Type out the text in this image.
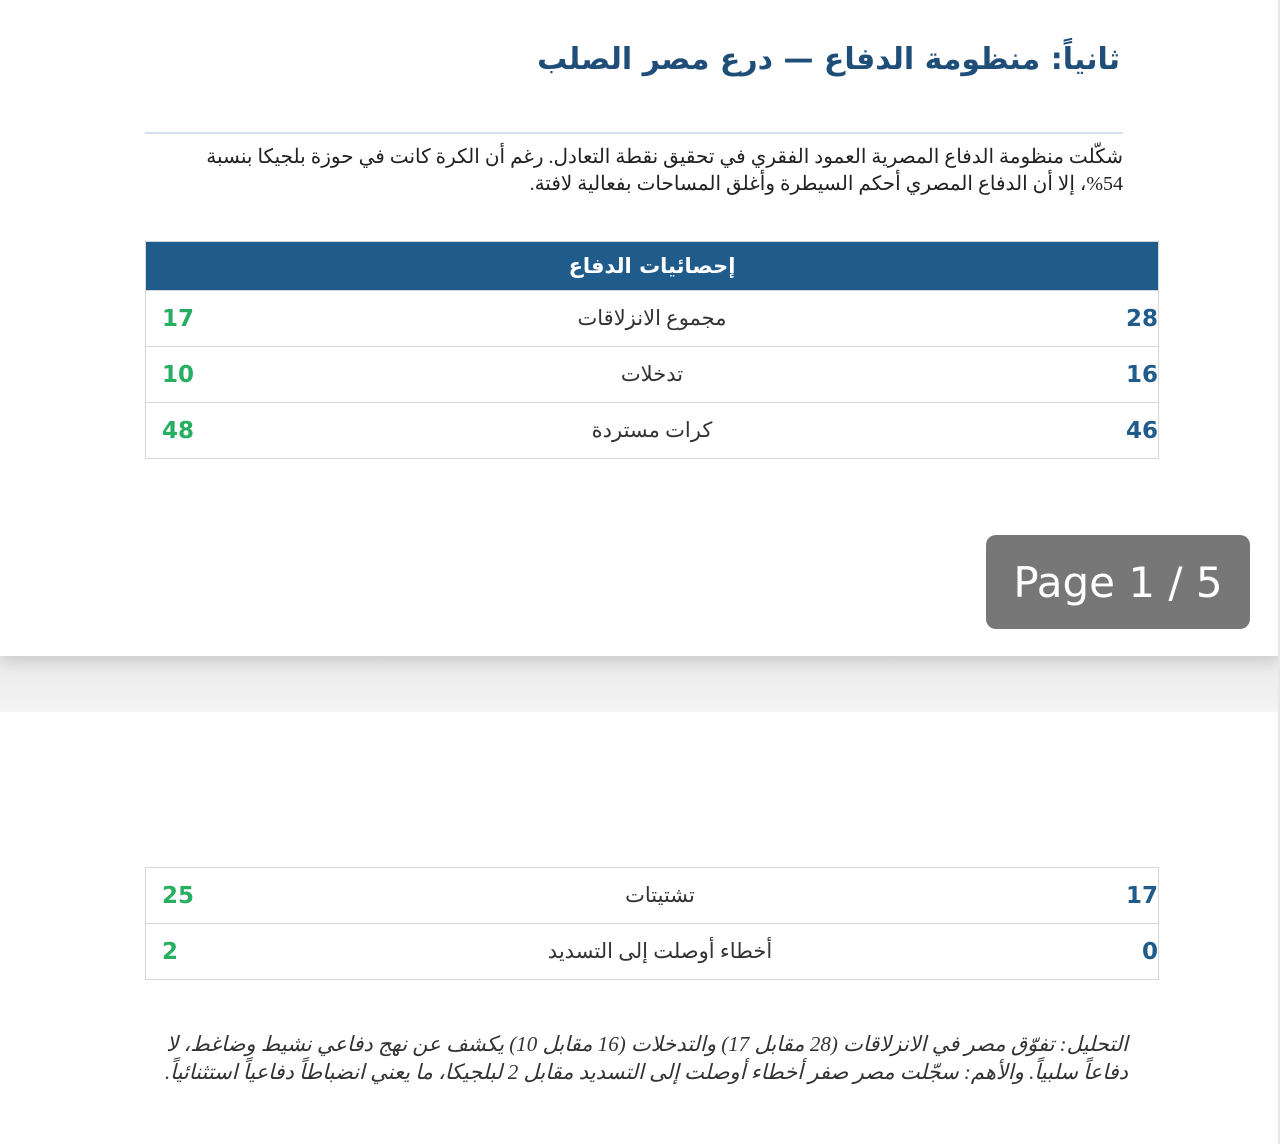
ثانياً: منظومة الدفاع — درع مصر الصلب

شكّلت منظومة الدفاع المصرية العمود الفقري في تحقيق نقطة التعادل. رغم أن الكرة كانت في حوزة بلجيكا بنسبة 54%، إلا أن الدفاع المصري أحكم السيطرة وأغلق المساحات بفعالية لافتة.

إحصائيات الدفاع		
17	مجموع الانزلاقات	28
10	تدخلات	16
48	كرات مستردة	46
25	تشتيتات	17
2	أخطاء أوصلت إلى التسديد	0

التحليل: تفوّق مصر في الانزلاقات (28 مقابل 17) والتدخلات (16 مقابل 10) يكشف عن نهج دفاعي نشيط وضاغط، لا دفاعاً سلبياً. والأهم: سجّلت مصر صفر أخطاء أوصلت إلى التسديد مقابل 2 لبلجيكا، ما يعني انضباطاً دفاعياً استثنائياً.

Page 1 / 5
